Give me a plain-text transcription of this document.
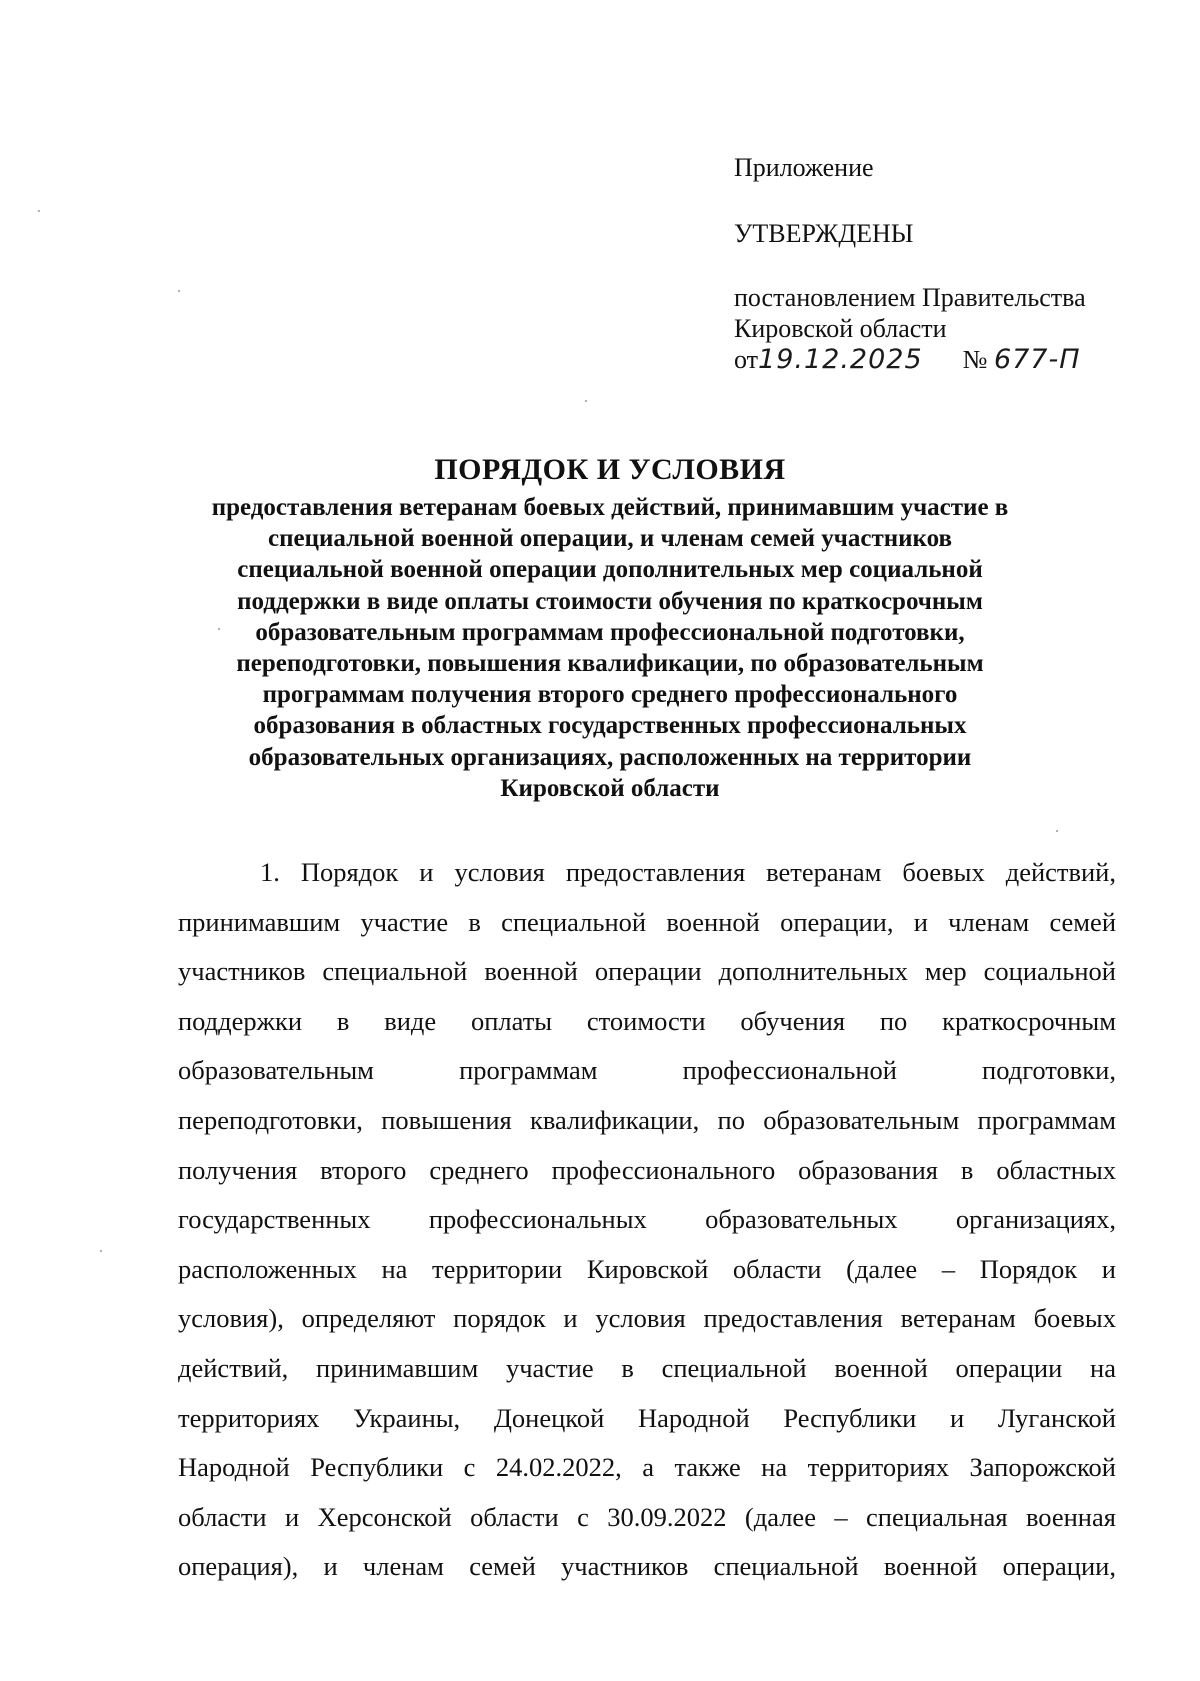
Приложение
УТВЕРЖДЕНЫ
постановлением Правительства
Кировской области
от19.12.2025 № 677-П
ПОРЯДОК И УСЛОВИЯ
предоставления ветеранам боевых действий, принимавшим участие в
специальной военной операции, и членам семей участников
специальной военной операции дополнительных мер социальной
поддержки в виде оплаты стоимости обучения по краткосрочным
образовательным программам профессиональной подготовки,
переподготовки, повышения квалификации, по образовательным
программам получения второго среднего профессионального
образования в областных государственных профессиональных
образовательных организациях, расположенных на территории
Кировской области
1. Порядок и условия предоставления ветеранам боевых действий,
принимавшим участие в специальной военной операции, и членам семей
участников специальной военной операции дополнительных мер социальной
поддержки в виде оплаты стоимости обучения по краткосрочным
образовательным	программам	профессиональной	подготовки,
переподготовки, повышения квалификации, по образовательным программам
получения второго среднего профессионального образования в областных
государственных профессиональных образовательных организациях,
расположенных на территории Кировской области (далее – Порядок и
условия), определяют порядок и условия предоставления ветеранам боевых
действий, принимавшим участие в специальной военной операции на
территориях Украины, Донецкой Народной Республики и Луганской
Народной Республики с 24.02.2022, а также на территориях Запорожской
области и Херсонской области с 30.09.2022 (далее – специальная военная
операция), и членам семей участников специальной военной операции,
